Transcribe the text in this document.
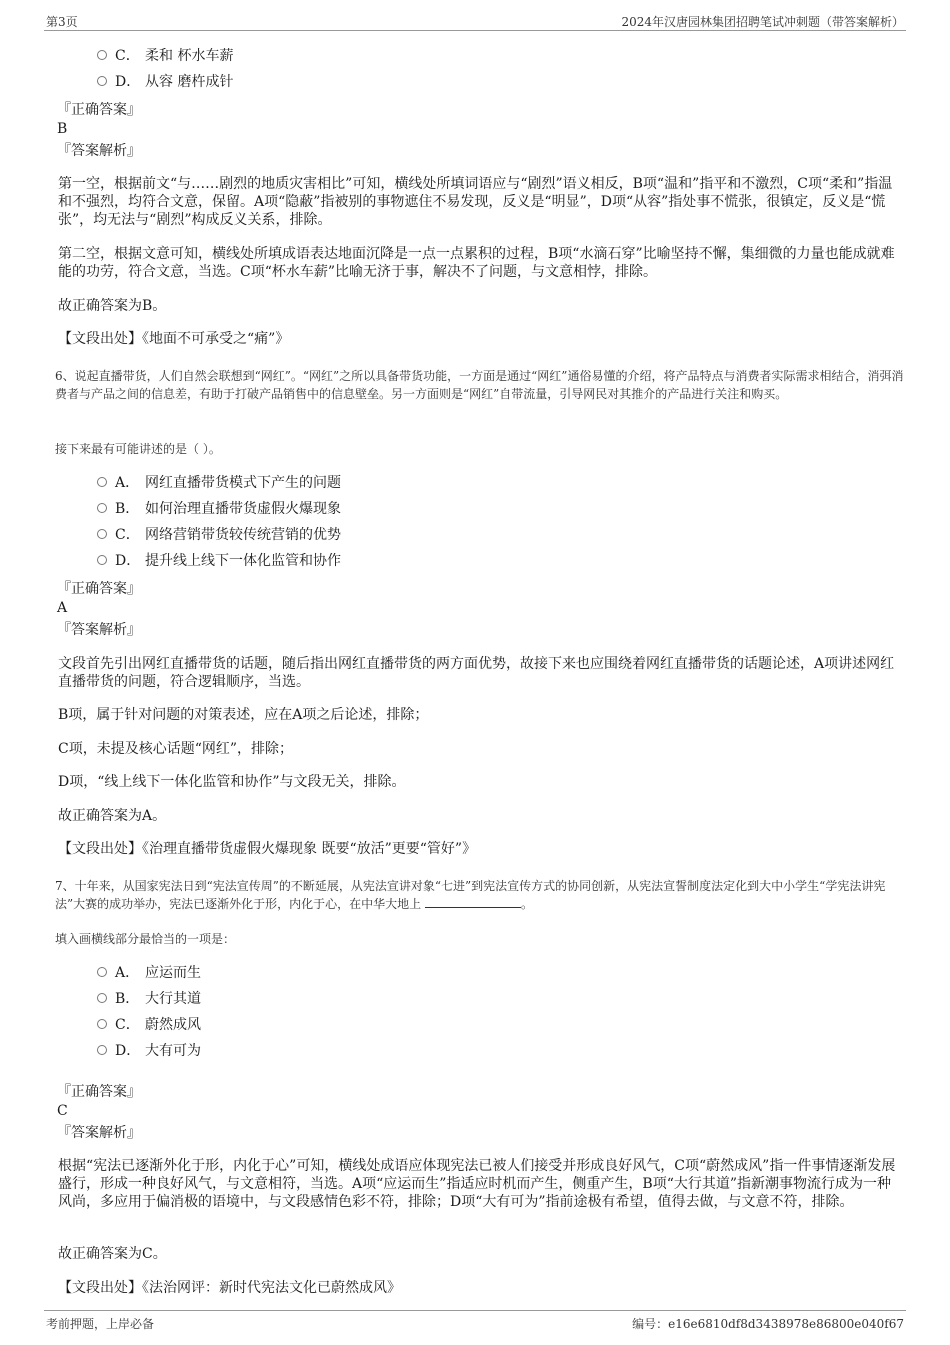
第3页	2024年汉唐园林集团招聘笔试冲刺题（带答案解析）
C． 柔和 杯水车薪
D． 从容 磨杵成针
『正确答案』
B
『答案解析』
第一空，根据前文“与……剧烈的地质灾害相比”可知，横线处所填词语应与“剧烈”语义相反，B项“温和”指平和不激烈，C项“柔和”指温和不强烈，均符合文意，保留。A项“隐蔽”指被别的事物遮住不易发现，反义是“明显”，D项“从容”指处事不慌张，很镇定，反义是“慌张”，均无法与“剧烈”构成反义关系，排除。
第二空，根据文意可知，横线处所填成语表达地面沉降是一点一点累积的过程，B项“水滴石穿”比喻坚持不懈，集细微的力量也能成就难能的功劳，符合文意，当选。C项“杯水车薪”比喻无济于事，解决不了问题，与文意相悖，排除。
故正确答案为B。
【文段出处】《地面不可承受之“痛”》
6、说起直播带货，人们自然会联想到“网红”。“网红”之所以具备带货功能，一方面是通过“网红”通俗易懂的介绍，将产品特点与消费者实际需求相结合，消弭消费者与产品之间的信息差，有助于打破产品销售中的信息壁垒。另一方面则是“网红”自带流量，引导网民对其推介的产品进行关注和购买。
接下来最有可能讲述的是（ ）。
A． 网红直播带货模式下产生的问题
B． 如何治理直播带货虚假火爆现象
C． 网络营销带货较传统营销的优势
D． 提升线上线下一体化监管和协作
『正确答案』
A
『答案解析』
文段首先引出网红直播带货的话题，随后指出网红直播带货的两方面优势，故接下来也应围绕着网红直播带货的话题论述，A项讲述网红直播带货的问题，符合逻辑顺序，当选。
B项，属于针对问题的对策表述，应在A项之后论述，排除；
C项，未提及核心话题“网红”，排除；
D项，“线上线下一体化监管和协作”与文段无关，排除。
故正确答案为A。
【文段出处】《治理直播带货虚假火爆现象 既要“放活”更要“管好”》
7、十年来，从国家宪法日到“宪法宣传周”的不断延展，从宪法宣讲对象“七进”到宪法宣传方式的协同创新，从宪法宣誓制度法定化到大中小学生“学宪法讲宪法”大赛的成功举办，宪法已逐渐外化于形，内化于心，在中华大地上	。
填入画横线部分最恰当的一项是：
A． 应运而生
B． 大行其道
C． 蔚然成风
D． 大有可为
『正确答案』
C
『答案解析』
根据“宪法已逐渐外化于形，内化于心”可知，横线处成语应体现宪法已被人们接受并形成良好风气，C项“蔚然成风”指一件事情逐渐发展盛行，形成一种良好风气，与文意相符，当选。A项“应运而生”指适应时机而产生，侧重产生，B项“大行其道”指新潮事物流行成为一种风尚，多应用于偏消极的语境中，与文段感情色彩不符，排除；D项“大有可为”指前途极有希望，值得去做，与文意不符，排除。
故正确答案为C。
【文段出处】《法治网评：新时代宪法文化已蔚然成风》
考前押题，上岸必备	编号：e16e6810df8d3438978e86800e040f67
